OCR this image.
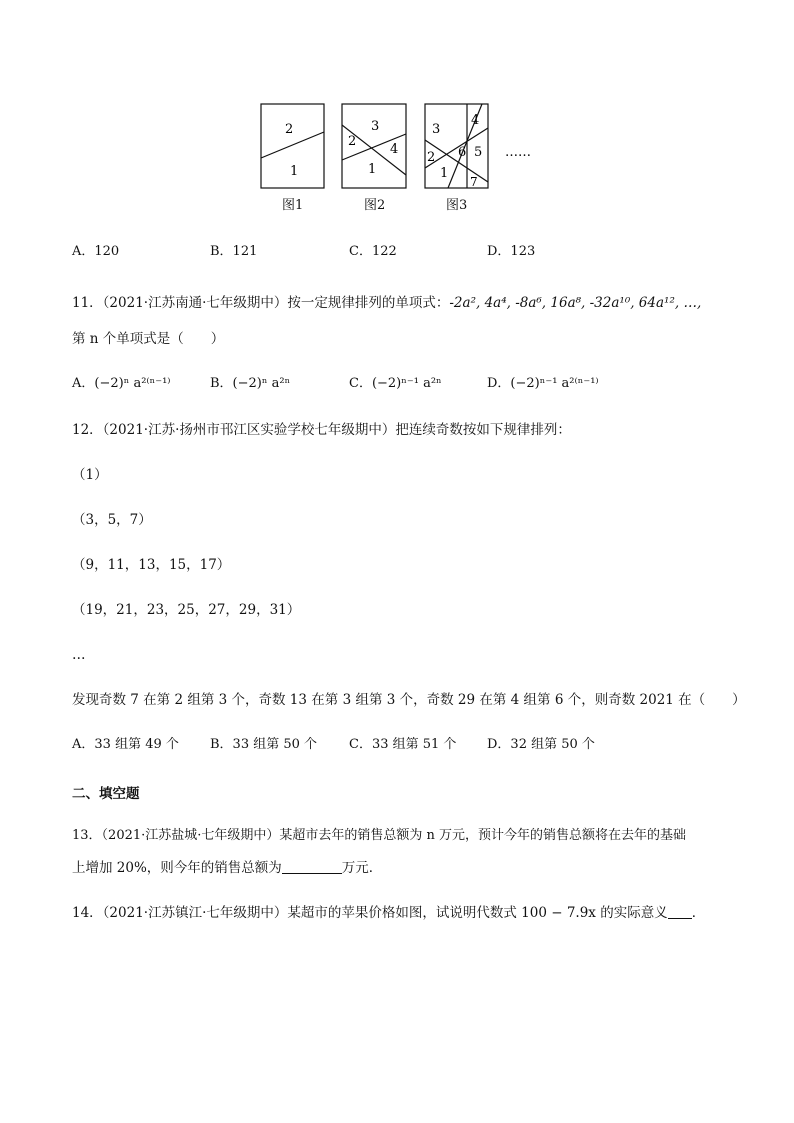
2
1
3
2
4
1
3
4
2 6 5
1
7
……
图1	图2	图3
A．120	B．121	C．122	D．123
11．（2021·江苏南通·七年级期中）按一定规律排列的单项式：-2a², 4a⁴, -8a⁶, 16a⁸, -32a¹⁰, 64a¹², …,
第 n 个单项式是（　　）
A．(−2)ⁿ a²⁽ⁿ⁻¹⁾	B．(−2)ⁿ a²ⁿ	C．(−2)ⁿ⁻¹ a²ⁿ	D．(−2)ⁿ⁻¹ a²⁽ⁿ⁻¹⁾
12．（2021·江苏·扬州市邗江区实验学校七年级期中）把连续奇数按如下规律排列：
（1）
（3，5，7）
（9，11，13，15，17）
（19，21，23，25，27，29，31）
…
发现奇数 7 在第 2 组第 3 个，奇数 13 在第 3 组第 3 个，奇数 29 在第 4 组第 6 个，则奇数 2021 在（　　）
A．33 组第 49 个 B．33 组第 50 个 C．33 组第 51 个 D．32 组第 50 个
二、填空题
13．（2021·江苏盐城·七年级期中）某超市去年的销售总额为 n 万元，预计今年的销售总额将在去年的基础
上增加 20%，则今年的销售总额为	万元．
14．（2021·江苏镇江·七年级期中）某超市的苹果价格如图，试说明代数式 100 − 7.9x 的实际意义 ．
